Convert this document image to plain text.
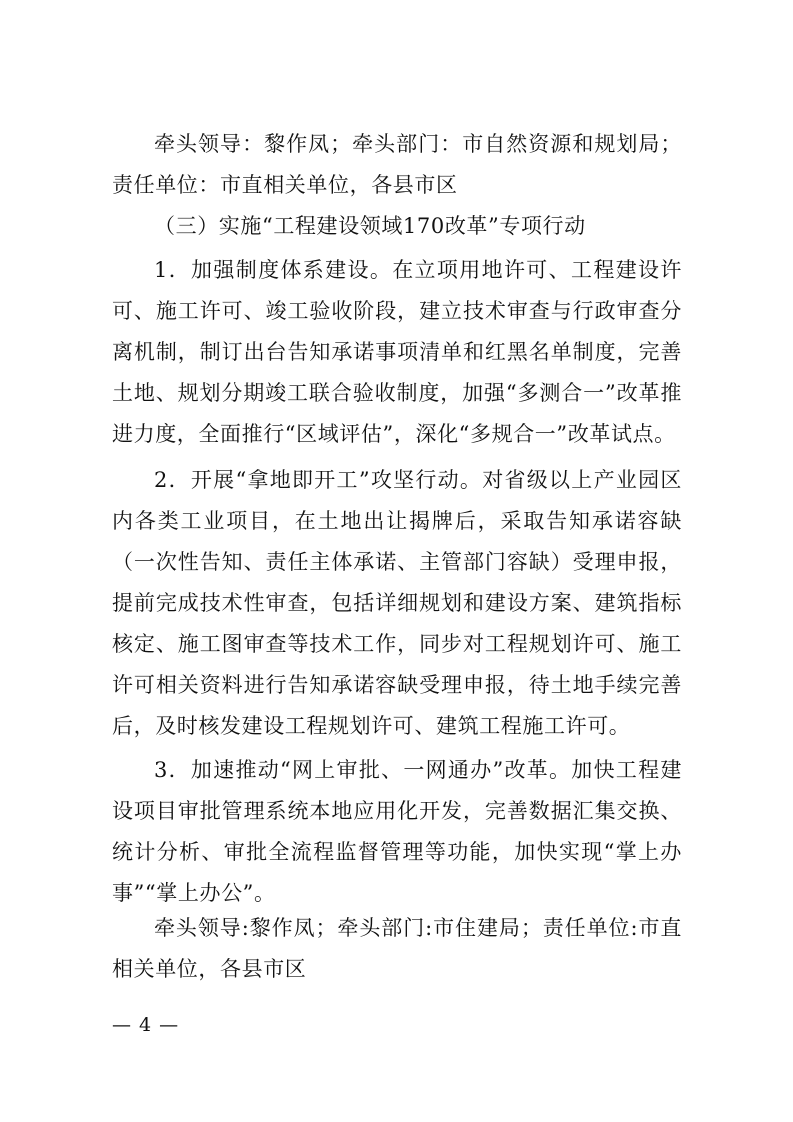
牵头领导：黎作凤；牵头部门：市自然资源和规划局；责任单位：市直相关单位，各县市区

（三）实施“工程建设领域170改革”专项行动

1．加强制度体系建设。在立项用地许可、工程建设许可、施工许可、竣工验收阶段，建立技术审查与行政审查分离机制，制订出台告知承诺事项清单和红黑名单制度，完善土地、规划分期竣工联合验收制度，加强“多测合一”改革推进力度，全面推行“区域评估”，深化“多规合一”改革试点。

2．开展“拿地即开工”攻坚行动。对省级以上产业园区内各类工业项目，在土地出让揭牌后，采取告知承诺容缺（一次性告知、责任主体承诺、主管部门容缺）受理申报，提前完成技术性审查，包括详细规划和建设方案、建筑指标核定、施工图审查等技术工作，同步对工程规划许可、施工许可相关资料进行告知承诺容缺受理申报，待土地手续完善后，及时核发建设工程规划许可、建筑工程施工许可。

3．加速推动“网上审批、一网通办”改革。加快工程建设项目审批管理系统本地应用化开发，完善数据汇集交换、统计分析、审批全流程监督管理等功能，加快实现“掌上办事”“掌上办公”。

牵头领导:黎作凤；牵头部门:市住建局；责任单位:市直相关单位，各县市区

— 4 —
